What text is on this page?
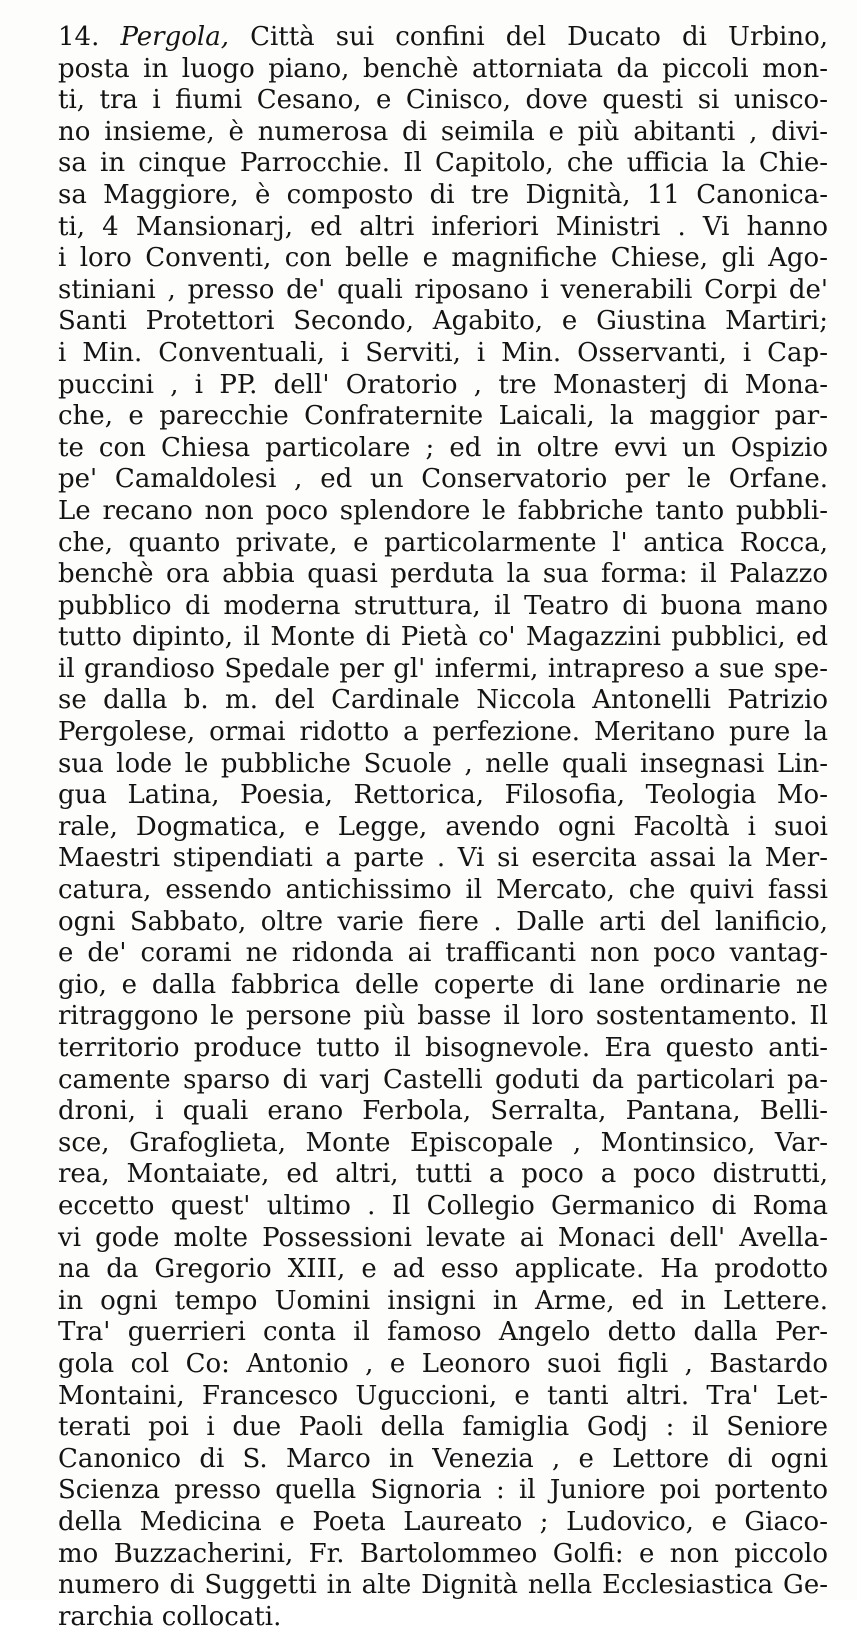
14. Pergola, Città sui confini del Ducato di Urbino,
posta in luogo piano, benchè attorniata da piccoli mon-
ti, tra i fiumi Cesano, e Cinisco, dove questi si unisco-
no insieme, è numerosa di seimila e più abitanti , divi-
sa in cinque Parrocchie. Il Capitolo, che ufficia la Chie-
sa Maggiore, è composto di tre Dignità, 11 Canonica-
ti, 4 Mansionarj, ed altri inferiori Ministri . Vi hanno
i loro Conventi, con belle e magnifiche Chiese, gli Ago-
stiniani , presso de' quali riposano i venerabili Corpi de'
Santi Protettori Secondo, Agabito, e Giustina Martiri;
i Min. Conventuali, i Serviti, i Min. Osservanti, i Cap-
puccini , i PP. dell' Oratorio , tre Monasterj di Mona-
che, e parecchie Confraternite Laicali, la maggior par-
te con Chiesa particolare ; ed in oltre evvi un Ospizio
pe' Camaldolesi , ed un Conservatorio per le Orfane.
Le recano non poco splendore le fabbriche tanto pubbli-
che, quanto private, e particolarmente l' antica Rocca,
benchè ora abbia quasi perduta la sua forma: il Palazzo
pubblico di moderna struttura, il Teatro di buona mano
tutto dipinto, il Monte di Pietà co' Magazzini pubblici, ed
il grandioso Spedale per gl' infermi, intrapreso a sue spe-
se dalla b. m. del Cardinale Niccola Antonelli Patrizio
Pergolese, ormai ridotto a perfezione. Meritano pure la
sua lode le pubbliche Scuole , nelle quali insegnasi Lin-
gua Latina, Poesia, Rettorica, Filosofia, Teologia Mo-
rale, Dogmatica, e Legge, avendo ogni Facoltà i suoi
Maestri stipendiati a parte . Vi si esercita assai la Mer-
catura, essendo antichissimo il Mercato, che quivi fassi
ogni Sabbato, oltre varie fiere . Dalle arti del lanificio,
e de' corami ne ridonda ai trafficanti non poco vantag-
gio, e dalla fabbrica delle coperte di lane ordinarie ne
ritraggono le persone più basse il loro sostentamento. Il
territorio produce tutto il bisognevole. Era questo anti-
camente sparso di varj Castelli goduti da particolari pa-
droni, i quali erano Ferbola, Serralta, Pantana, Belli-
sce, Grafoglieta, Monte Episcopale , Montinsico, Var-
rea, Montaiate, ed altri, tutti a poco a poco distrutti,
eccetto quest' ultimo . Il Collegio Germanico di Roma
vi gode molte Possessioni levate ai Monaci dell' Avella-
na da Gregorio XIII, e ad esso applicate. Ha prodotto
in ogni tempo Uomini insigni in Arme, ed in Lettere.
Tra' guerrieri conta il famoso Angelo detto dalla Per-
gola col Co: Antonio , e Leonoro suoi figli , Bastardo
Montaini, Francesco Uguccioni, e tanti altri. Tra' Let-
terati poi i due Paoli della famiglia Godj : il Seniore
Canonico di S. Marco in Venezia , e Lettore di ogni
Scienza presso quella Signoria : il Juniore poi portento
della Medicina e Poeta Laureato ; Ludovico, e Giaco-
mo Buzzacherini, Fr. Bartolommeo Golfi: e non piccolo
numero di Suggetti in alte Dignità nella Ecclesiastica Ge-
rarchia collocati.
